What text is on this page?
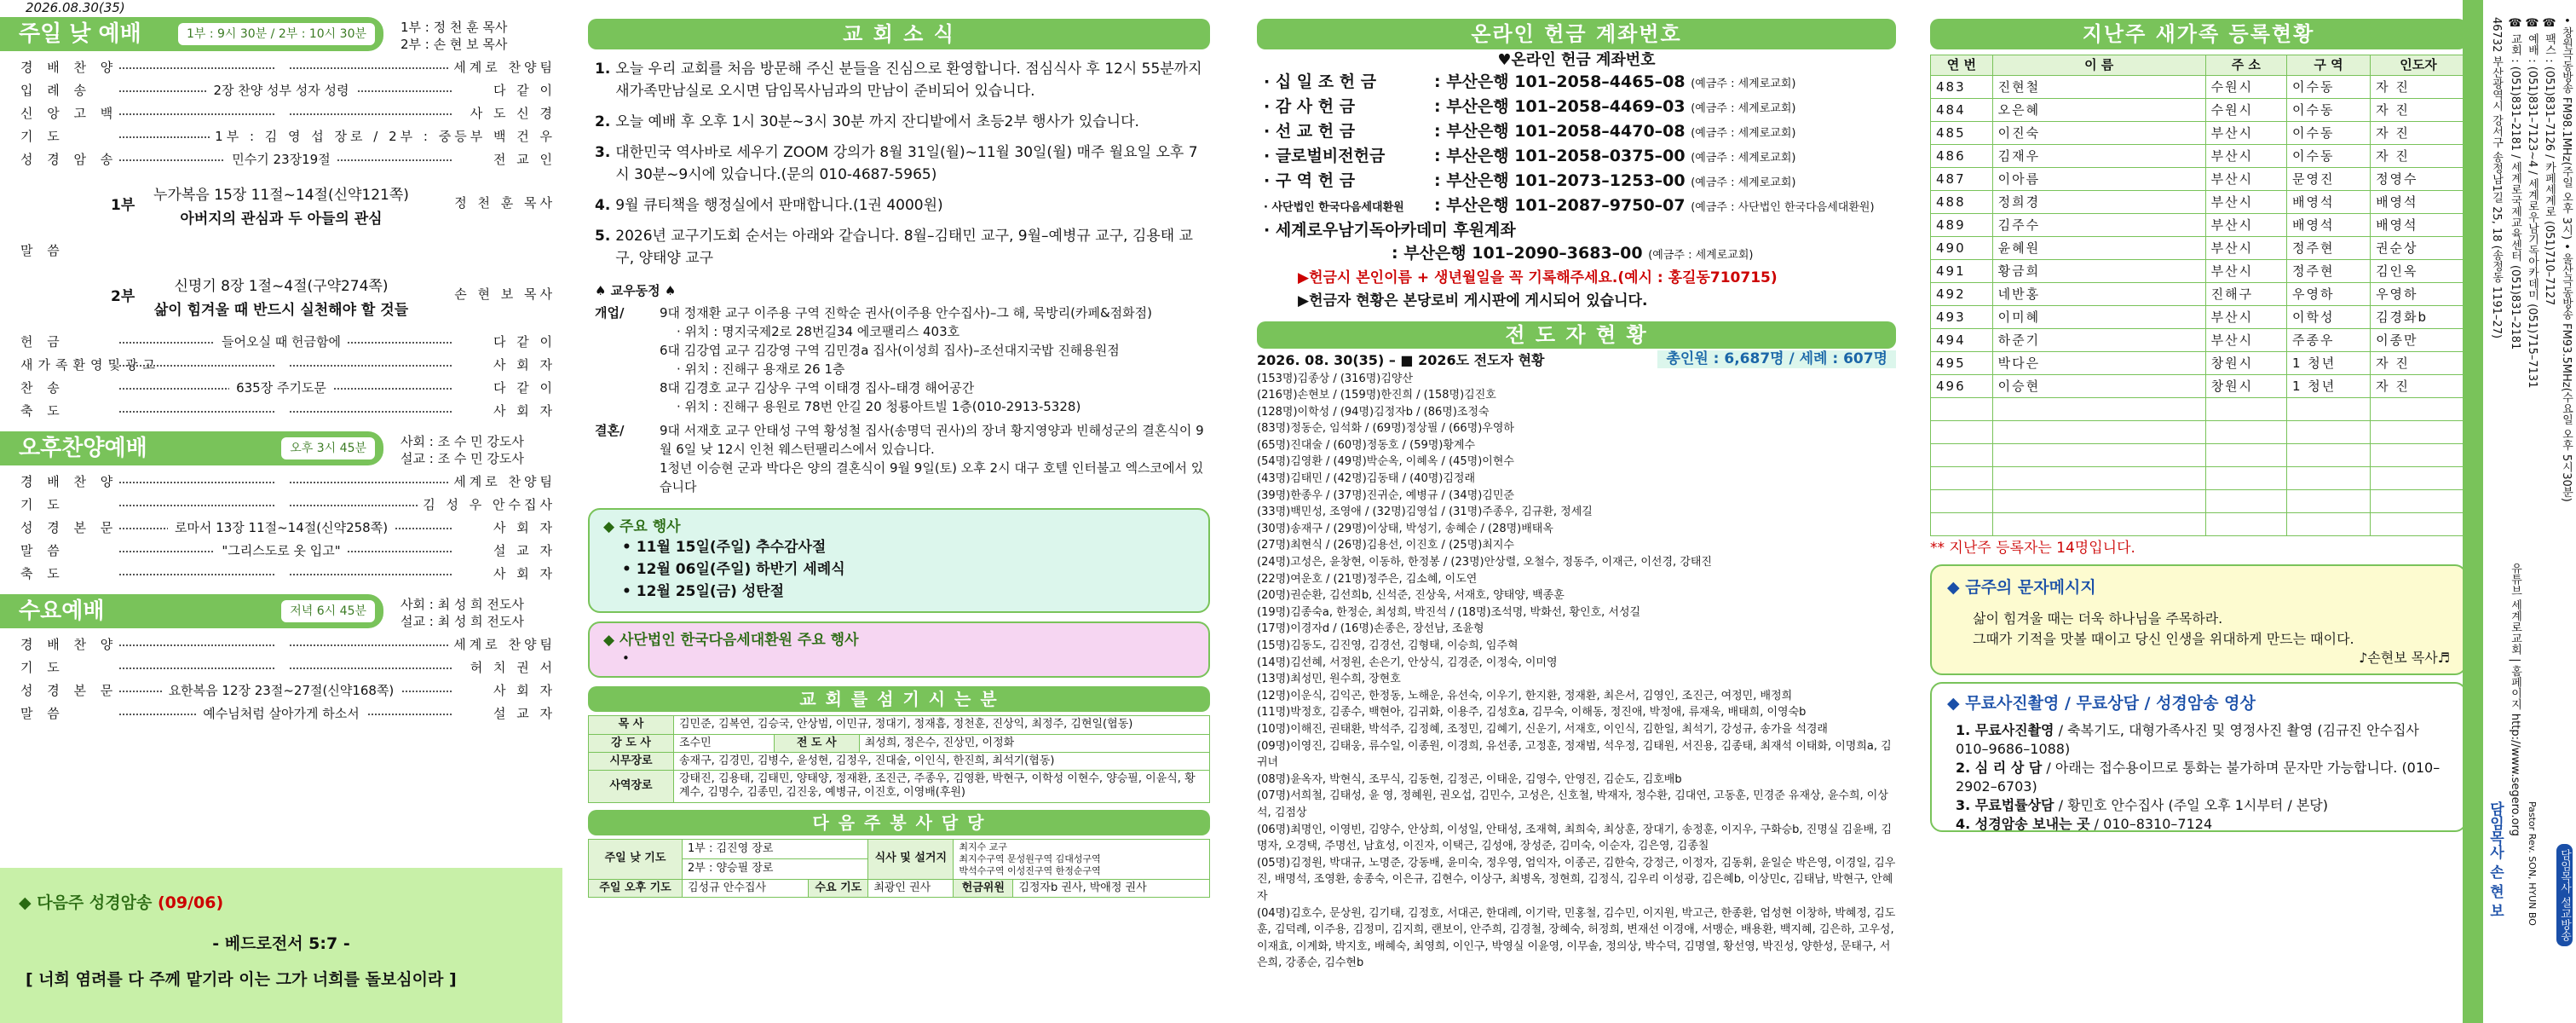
2026.08.30(35)
주일 낮 예배	1부 : 9시 30분 / 2부 : 10시 30분	1부 : 정 천 훈 목사
2부 : 손 현 보 목사
경 배 찬 양	세계로 찬양팀
입 례 송	2장 찬양 성부 성자 성령	다 같 이
신 앙 고 백	사 도 신 경
기 도	1부 : 김 영 섭 장로 / 2부 : 중등부 백 건 우
성 경 암 송	민수기 23장19절	전 교 인
1부
누가복음 15장 11절~14절(신약121쪽)
아버지의 관심과 두 아들의 관심
정 천 훈 목사
말 씀
2부
신명기 8장 1절~4절(구약274쪽)
삶이 힘겨울 때 반드시 실천해야 할 것들
손 현 보 목사
헌 금	들어오실 때 헌금함에	다 같 이
새가족환영및광고	사 회 자
찬 송	635장 주기도문	다 같 이
축 도	사 회 자
오후찬양예배	오후 3시 45분	사회 : 조 수 민 강도사
설교 : 조 수 민 강도사
경 배 찬 양	세계로 찬양팀
기 도	김 성 우 안수집사
성 경 본 문	로마서 13장 11절~14절(신약258쪽)	사 회 자
말 씀	"그리스도로 옷 입고"	설 교 자
축 도	사 회 자
수요예배	저녁 6시 45분	사회 : 최 성 희 전도사
설교 : 최 성 희 전도사
경 배 찬 양	세계로 찬양팀
기 도	허 치 권 서
성 경 본 문	요한복음 12장 23절~27절(신약168쪽)	사 회 자
말 씀	예수님처럼 살아가게 하소서	설 교 자
◆ 다음주 성경암송 (09/06)
- 베드로전서 5:7 -
[ 너희 염려를 다 주께 맡기라 이는 그가 너희를 돌보심이라 ]
교 회 소 식
1. 오늘 우리 교회를 처음 방문해 주신 분들을 진심으로 환영합니다. 점심식사 후 12시 55분까지 새가족만남실로 오시면 담임목사님과의 만남이 준비되어 있습니다.
2. 오늘 예배 후 오후 1시 30분~3시 30분 까지 잔디밭에서 초등2부 행사가 있습니다.
3. 대한민국 역사바로 세우기 ZOOM 강의가 8월 31일(월)~11월 30일(월) 매주 월요일 오후 7시 30분~9시에 있습니다.(문의 010-4687-5965)
4. 9월 큐티책을 행정실에서 판매합니다.(1권 4000원)
5. 2026년 교구기도회 순서는 아래와 같습니다. 8월–김태민 교구, 9월–예병규 교구, 김용태 교구, 양태양 교구
♠ 교우동정 ♠
개업/	9대 정재환 교구 이주용 구역 진학순 권사(이주용 안수집사)–그 해, 묵방리(카페&점화점)
· 위치 : 명지국제2로 28번길34 에코팰리스 403호
6대 김강엽 교구 김강영 구역 김민경a 집사(이성희 집사)–조선대지국밥 진해용원점
· 위치 : 진해구 용재로 26 1층
8대 김경호 교구 김상우 구역 이태경 집사–태경 해어공간
· 위치 : 진해구 용원로 78번 안길 20 청룡아트빌 1층(010-2913-5328)
결혼/	9대 서재호 교구 안태성 구역 황성철 집사(송명덕 권사)의 장녀 황지영양과 빈해성군의 결혼식이 9월 6일 낮 12시 인천 웨스턴팰리스에서 있습니다.
1청년 이승현 군과 박다은 양의 결혼식이 9월 9일(토) 오후 2시 대구 호텔 인터불고 엑스코에서 있습니다
◆ 주요 행사
• 11월 15일(주일) 추수감사절
• 12월 06일(주일) 하반기 세례식
• 12월 25일(금) 성탄절
◆ 사단법인 한국다음세대환원 주요 행사
•
교 회 를 섬 기 시 는 분
목 사	김민준, 김복연, 김승국, 안상범, 이민규, 정대기, 정재흠, 정천훈, 진상익, 최정주, 김현일(협동)		
강 도 사	조수민	전 도 사	최성희, 정은수, 진상민, 이정화
시무장로	송재구, 김경민, 김병수, 윤성현, 김정우, 진대술, 이인식, 한진희, 최석기(협동)		
사역장로	강태진, 김용태, 김태민, 양태양, 정재환, 조진근, 주종우, 김영환, 박현구, 이학성 이현수, 양승필, 이윤식, 황계수, 김명수, 김종민, 김진웅, 예병규, 이진호, 이영배(후원)		
다 음 주 봉 사 담 당
주일 낮 기도	1부 : 김진영 장로		식사 및 설거지	최지수 교구
최지수구역 문성원구역 김대성구역
박석수구역 이성진구역 한정순구역	

	2부 : 양승필 장로				
주일 오후 기도	김성규 안수집사	수요 기도	최광인 권사	헌금위원	김정자b 권사, 박애정 권사
온라인 헌금 계좌번호
♥온라인 헌금 계좌번호
· 십 일 조 헌 금	: 부산은행 101–2058–4465–08 (예금주 : 세계로교회)
· 감 사 헌 금	: 부산은행 101–2058–4469–03 (예금주 : 세계로교회)
· 선 교 헌 금	: 부산은행 101–2058–4470–08 (예금주 : 세계로교회)
· 글로벌비전헌금	: 부산은행 101–2058–0375–00 (예금주 : 세계로교회)
· 구 역 헌 금	: 부산은행 101–2073–1253–00 (예금주 : 세계로교회)
· 사단법인 한국다음세대환원 : 부산은행 101–2087–9750–07 (예금주 : 사단법인 한국다음세대환원)
· 세계로우남기독아카데미 후원계좌
: 부산은행 101–2090–3683–00 (예금주 : 세계로교회)
▶헌금시 본인이름 + 생년월일을 꼭 기록해주세요.(예시 : 홍길동710715)
▶헌금자 현황은 본당로비 게시판에 게시되어 있습니다.
전 도 자 현 황
2026. 08. 30(35) – ■ 2026도 전도자 현황	총인원 : 6,687명 / 세례 : 607명
(153명)김종상 / (316명)김양산
(216명)손현보 / (159명)한진희 / (158명)김진호
(128명)이학성 / (94명)김정자b / (86명)조정숙
(83명)정동순, 임석화 / (69명)정상필 / (66명)우영하
(65명)진대술 / (60명)정동호 / (59명)황계수
(54명)김영환 / (49명)박순옥, 이혜옥 / (45명)이현수
(43명)김태민 / (42명)김동태 / (40명)김정래
(39명)한종우 / (37명)진귀순, 예병규 / (34명)김민준
(33명)백민성, 조영애 / (32명)김영섭 / (31명)주종우, 김규환, 정세길
(30명)송재구 / (29명)이상태, 박성기, 송혜순 / (28명)배태옥
(27명)최현식 / (26명)김용선, 이진호 / (25명)최지수
(24명)고성은, 윤창현, 이동하, 한정봉 / (23명)안상렬, 오철수, 정동주, 이재근, 이선경, 강태진
(22명)여운호 / (21명)정주은, 김소혜, 이도연
(20명)권순환, 김선희b, 신석준, 진상욱, 서재호, 양태양, 백종훈
(19명)김종숙a, 한정순, 최성희, 박진석 / (18명)조석명, 박화선, 황인호, 서성길
(17명)이경자d / (16명)손종은, 장선남, 조윤형
(15명)김동도, 김진영, 김경선, 김형태, 이승희, 임주혁
(14명)김선혜, 서정원, 손은기, 안상식, 김경준, 이정숙, 이미영
(13명)최성민, 원수희, 장현호
(12명)이운식, 김익곤, 한정동, 노해운, 유선숙, 이우기, 한지환, 정재환, 최은서, 김영인, 조진근, 여정민, 배정희
(11명)박정호, 김종수, 백현아, 김귀화, 이용주, 김성호a, 김무숙, 이해동, 정진애, 박정애, 류재욱, 배태희, 이영숙b
(10명)이해진, 권태환, 박석주, 김정혜, 조정민, 김혜기, 신운기, 서재호, 이인식, 김한일, 최석기, 강성규, 송가을 석경래
(09명)이영진, 김태웅, 류수일, 이종원, 이경희, 유선종, 고정훈, 정재범, 석우정, 김태원, 서진용, 김종태, 최재석 이태화, 이명희a, 김귀녀
(08명)윤옥자, 박현식, 조무식, 김동현, 김정곤, 이태운, 김영수, 안영진, 김순도, 김호배b
(07명)서희철, 김태성, 윤 영, 정혜원, 권오섭, 김민수, 고성은, 신호철, 박재자, 정수환, 김대연, 고동훈, 민경준 유재상, 윤수희, 이상석, 김점상
(06명)최명인, 이영빈, 김양수, 안상희, 이성일, 안태성, 조재혁, 최희숙, 최상훈, 장대기, 송정훈, 이지우, 구화승b, 진명실 김윤배, 김명자, 오경택, 주명선, 남효성, 이진자, 이택근, 김성애, 장성준, 김미숙, 이순자, 김은영, 김종칠
(05명)김정원, 박대규, 노명준, 강동배, 윤미숙, 정우영, 엄익자, 이종곤, 김한숙, 강정근, 이정자, 김동휘, 윤일순 박은영, 이경일, 김우진, 배명석, 조영환, 송종숙, 이은규, 김현수, 이상구, 최병옥, 정현희, 김정식, 김우리 이성광, 김은혜b, 이상민c, 김태남, 박현구, 안혜자
(04명)김호수, 문상원, 김기태, 김정호, 서대곤, 한대례, 이기락, 민홍철, 김수민, 이지원, 박고근, 한종환, 엄성현 이창하, 박혜정, 김도훈, 김덕례, 이주용, 김정미, 김지희, 랜보이, 안주희, 김경철, 장혜숙, 허정희, 변재선 이경애, 서맹순, 배용환, 백지혜, 김은하, 고우성, 이재효, 이계화, 박지호, 배혜숙, 최영희, 이인구, 박영실 이윤영, 이무솔, 정의상, 박수덕, 김명열, 황선영, 박진성, 양한성, 문태구, 서은희, 강종순, 김수현b
지난주 새가족 등록현황
연 번	이 름	주 소	구 역	인도자
483	진현철	수원시	이수동	자 진
484	오은혜	수원시	이수동	자 진
485	이진숙	부산시	이수동	자 진
486	김재우	부산시	이수동	자 진
487	이아름	부산시	문영진	정영수
488	정희경	부산시	배영석	배영석
489	김주수	부산시	배영석	배영석
490	윤혜원	부산시	정주현	권순상
491	황금희	부산시	정주현	김인옥
492	네반홍	진해구	우영하	우영하
493	이미혜	부산시	이학성	김경화b
494	하준기	부산시	주종우	이종만
495	박다은	창원시	1 청년	자 진
496	이승현	창원시	1 청년	자 진

** 지난주 등록자는 14명입니다.
◆ 금주의 문자메시지
삶이 힘겨울 때는 더욱 하나님을 주목하라.
그때가 기적을 맛볼 때이고 당신 인생을 위대하게 만드는 때이다.
♪손현보 목사♬
◆ 무료사진촬영 / 무료상담 / 성경암송 영상
1. 무료사진촬영 / 축복기도, 대형가족사진 및 영정사진 촬영 (김규진 안수집사 010–9686–1088)
2. 심 리 상 담 / 아래는 접수용이므로 통화는 불가하며 문자만 가능합니다. (010–2902–6703)
3. 무료법률상담 / 황민호 안수집사 (주일 오후 1시부터 / 본당)
4. 성경암송 보내는 곳 / 010–8310–7124
46732 부산광역시 강서구 송정남1길 25, 18 (송정동 1191–27) ☎ 교회 : (051)831–2181 / 세계로국제교육센터 (051)831–2181 ☎ 예배 : (051)831–7123~4 / 세계로우남기독아카데미 (051)715–7131 ☎ 팩스 : (051)831–7126 / 카페세계로 (051)710–7127 • 창원극동방송 FM98.1MHz(주일 오후 3시) • 울산극동방송 FM93.5MHz(수요일 오후 5시30분)
유튜브 세계로교회 | 홈페이지 http://www.segero.org
담임목사 손 현 보 Pastor Rev. SON, HYUN BO 담임목사 설교방송
